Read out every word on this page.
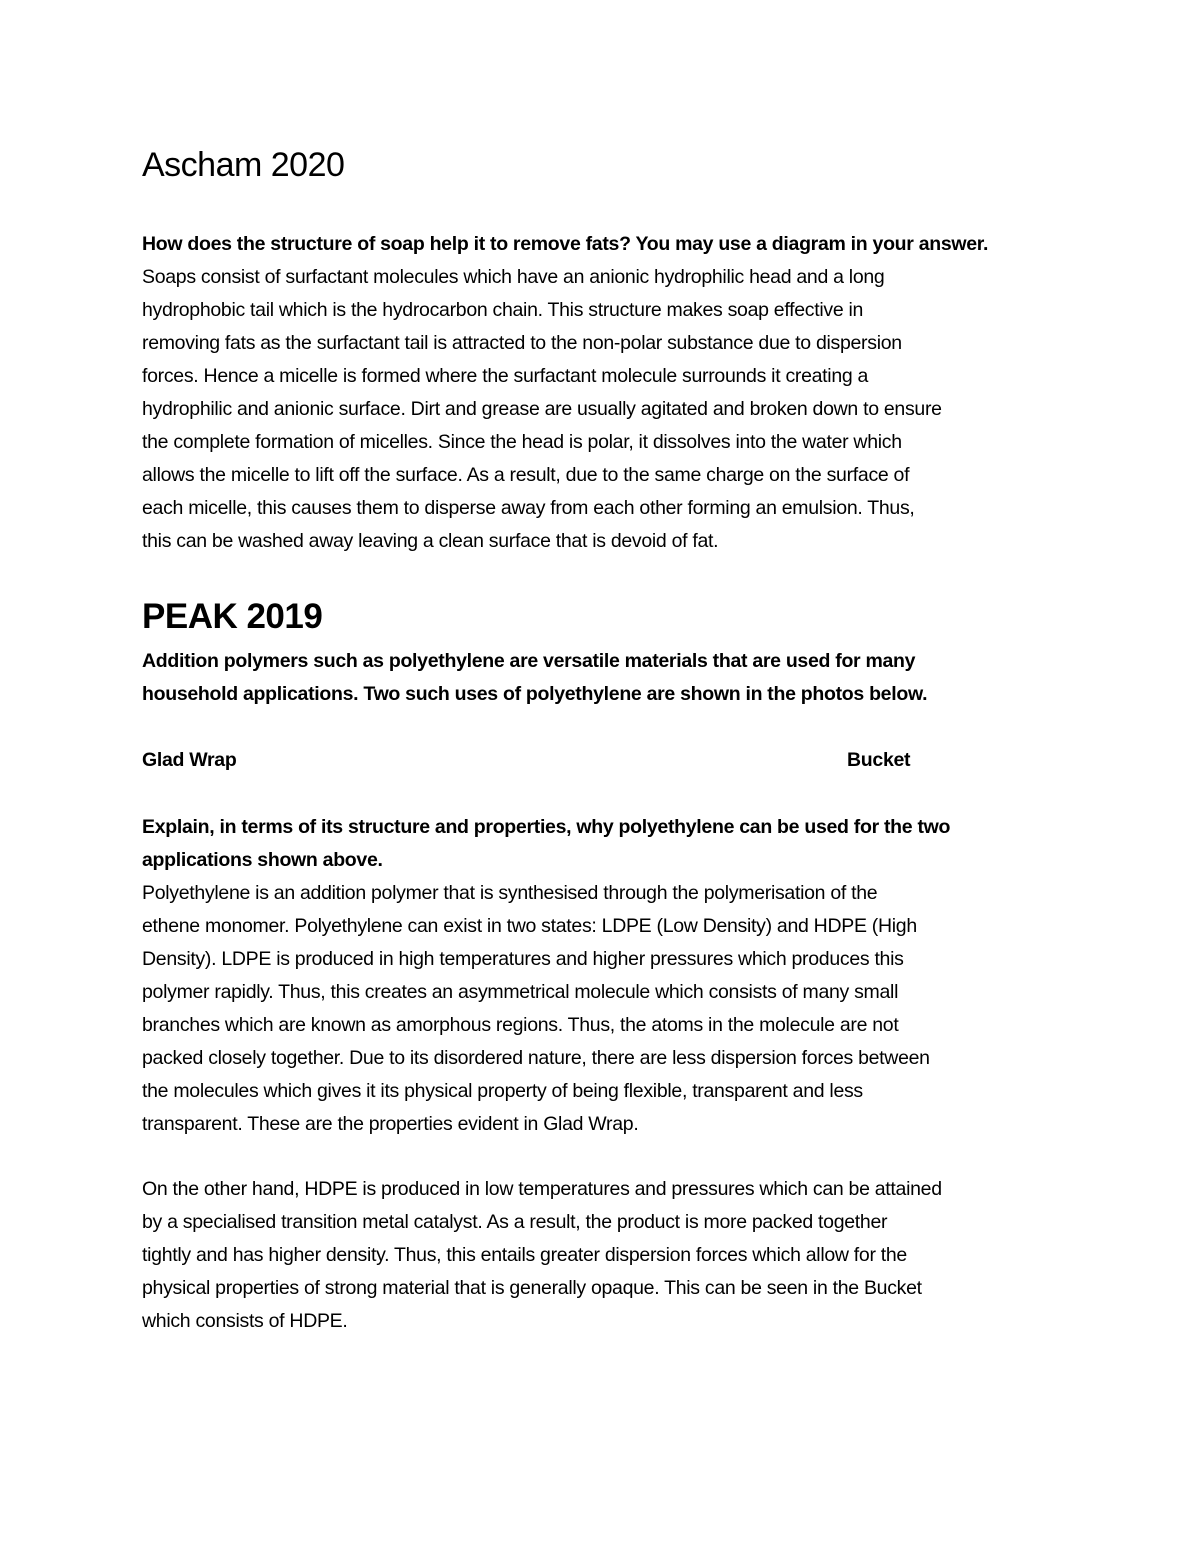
Ascham 2020
How does the structure of soap help it to remove fats? You may use a diagram in your answer.
Soaps consist of surfactant molecules which have an anionic hydrophilic head and a long
hydrophobic tail which is the hydrocarbon chain. This structure makes soap effective in
removing fats as the surfactant tail is attracted to the non-polar substance due to dispersion
forces. Hence a micelle is formed where the surfactant molecule surrounds it creating a
hydrophilic and anionic surface. Dirt and grease are usually agitated and broken down to ensure
the complete formation of micelles. Since the head is polar, it dissolves into the water which
allows the micelle to lift off the surface. As a result, due to the same charge on the surface of
each micelle, this causes them to disperse away from each other forming an emulsion. Thus,
this can be washed away leaving a clean surface that is devoid of fat.
PEAK 2019
Addition polymers such as polyethylene are versatile materials that are used for many
household applications. Two such uses of polyethylene are shown in the photos below.
Glad Wrap	Bucket
Explain, in terms of its structure and properties, why polyethylene can be used for the two
applications shown above.
Polyethylene is an addition polymer that is synthesised through the polymerisation of the
ethene monomer. Polyethylene can exist in two states: LDPE (Low Density) and HDPE (High
Density). LDPE is produced in high temperatures and higher pressures which produces this
polymer rapidly. Thus, this creates an asymmetrical molecule which consists of many small
branches which are known as amorphous regions. Thus, the atoms in the molecule are not
packed closely together. Due to its disordered nature, there are less dispersion forces between
the molecules which gives it its physical property of being flexible, transparent and less
transparent. These are the properties evident in Glad Wrap.
On the other hand, HDPE is produced in low temperatures and pressures which can be attained
by a specialised transition metal catalyst. As a result, the product is more packed together
tightly and has higher density. Thus, this entails greater dispersion forces which allow for the
physical properties of strong material that is generally opaque. This can be seen in the Bucket
which consists of HDPE.
